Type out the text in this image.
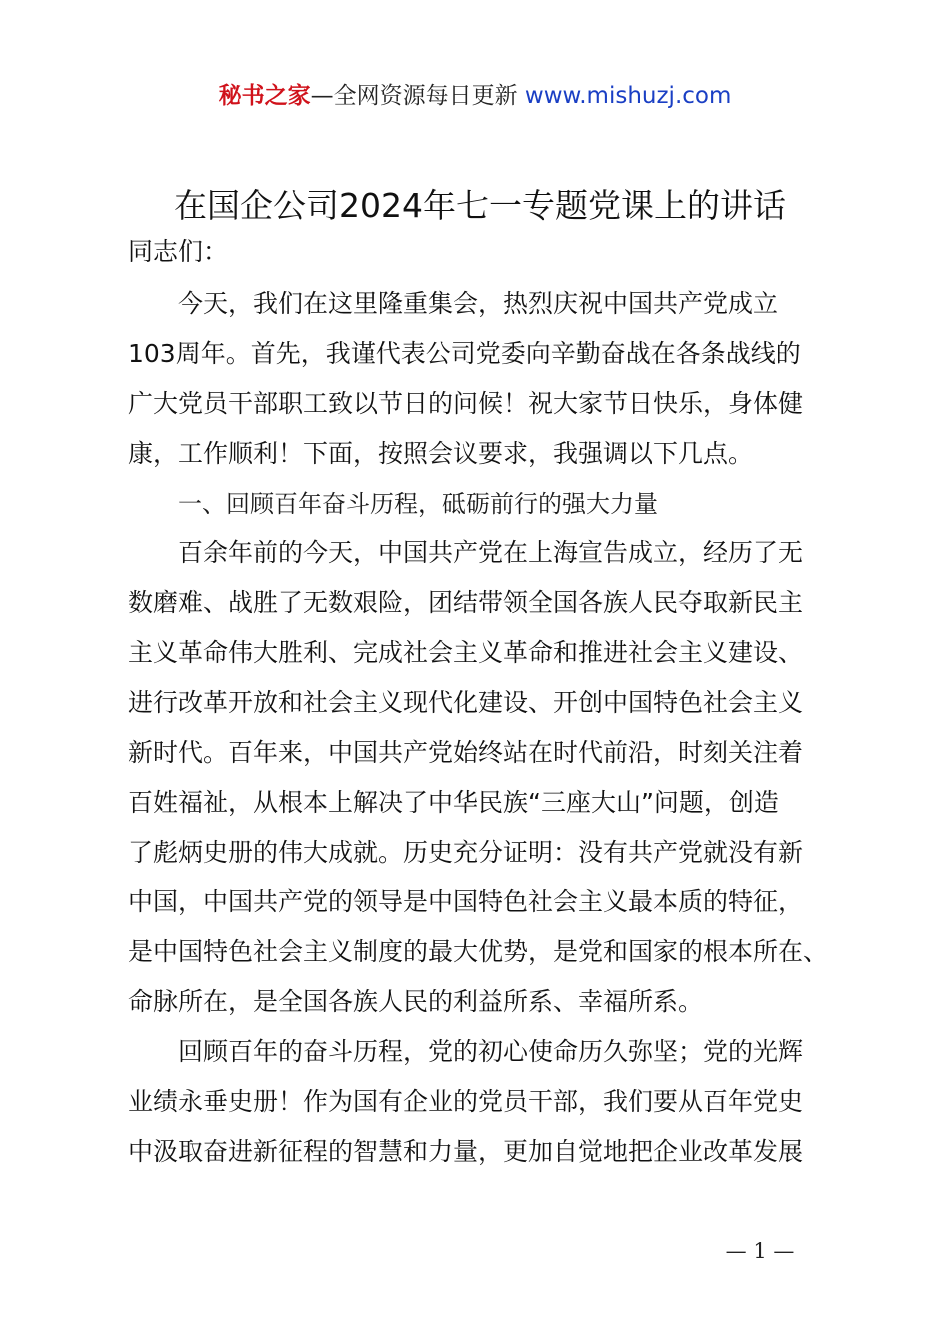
秘书之家—全网资源每日更新 www.mishuzj.com
在国企公司2024年七一专题党课上的讲话
同志们：
今天，我们在这里隆重集会，热烈庆祝中国共产党成立
103周年。首先，我谨代表公司党委向辛勤奋战在各条战线的
广大党员干部职工致以节日的问候！祝大家节日快乐，身体健
康，工作顺利！下面，按照会议要求，我强调以下几点。
一、回顾百年奋斗历程，砥砺前行的强大力量
百余年前的今天，中国共产党在上海宣告成立，经历了无
数磨难、战胜了无数艰险，团结带领全国各族人民夺取新民主
主义革命伟大胜利、完成社会主义革命和推进社会主义建设、
进行改革开放和社会主义现代化建设、开创中国特色社会主义
新时代。百年来，中国共产党始终站在时代前沿，时刻关注着
百姓福祉，从根本上解决了中华民族“三座大山”问题，创造
了彪炳史册的伟大成就。历史充分证明：没有共产党就没有新
中国，中国共产党的领导是中国特色社会主义最本质的特征，
是中国特色社会主义制度的最大优势，是党和国家的根本所在、
命脉所在，是全国各族人民的利益所系、幸福所系。
回顾百年的奋斗历程，党的初心使命历久弥坚；党的光辉
业绩永垂史册！作为国有企业的党员干部，我们要从百年党史
中汲取奋进新征程的智慧和力量，更加自觉地把企业改革发展
— 1 —
